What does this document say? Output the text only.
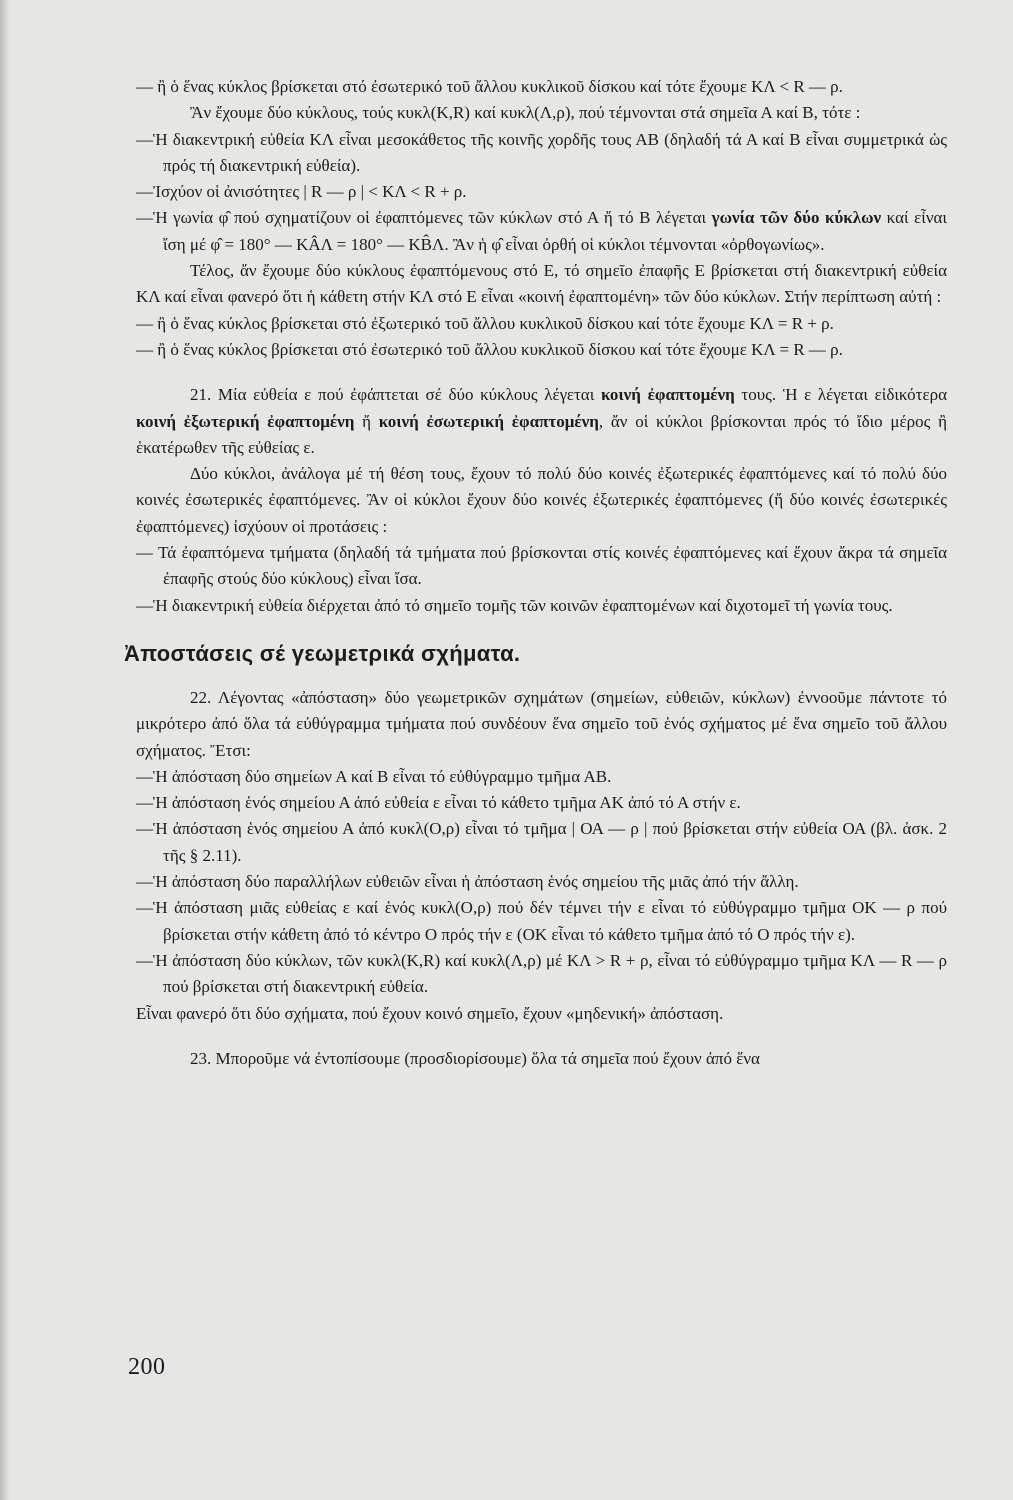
— ἢ ὁ ἕνας κύκλος βρίσκεται στό ἐσωτερικό τοῦ ἄλλου κυκλικοῦ δίσκου καί τότε ἔχουμε ΚΛ < R — ρ.

Ἂν ἔχουμε δύο κύκλους, τούς κυκλ(Κ,R) καί κυκλ(Λ,ρ), πού τέμνονται στά σημεῖα Α καί Β, τότε :

—Ἡ διακεντρική εὐθεία ΚΛ εἶναι μεσοκάθετος τῆς κοινῆς χορδῆς τους ΑΒ (δηλαδή τά Α καί Β εἶναι συμμετρικά ὡς πρός τή διακεντρική εὐθεία).

—Ἰσχύον οἱ ἀνισότητες | R — ρ | < ΚΛ < R + ρ.

—Ἡ γωνία φ̂ πού σχηματίζουν οἱ ἐφαπτόμενες τῶν κύκλων στό Α ἤ τό Β λέγεται γωνία τῶν δύο κύκλων καί εἶναι ἴση μέ φ̂ = 180° — ΚÂΛ = 180° — ΚB̂Λ. Ἂν ἡ φ̂ εἶναι ὀρθή οἱ κύκλοι τέμνονται «ὀρθογωνίως».

Τέλος, ἄν ἔχουμε δύο κύκλους ἐφαπτόμενους στό Ε, τό σημεῖο ἐπαφῆς Ε βρίσκεται στή διακεντρική εὐθεία ΚΛ καί εἶναι φανερό ὅτι ἡ κάθετη στήν ΚΛ στό Ε εἶναι «κοινή ἐφαπτομένη» τῶν δύο κύκλων. Στήν περίπτωση αὐτή :

— ἢ ὁ ἕνας κύκλος βρίσκεται στό ἐξωτερικό τοῦ ἄλλου κυκλικοῦ δίσκου καί τότε ἔχουμε ΚΛ = R + ρ.

— ἢ ὁ ἕνας κύκλος βρίσκεται στό ἐσωτερικό τοῦ ἄλλου κυκλικοῦ δίσκου καί τότε ἔχουμε ΚΛ = R — ρ.

21. Μία εὐθεία ε πού ἐφάπτεται σέ δύο κύκλους λέγεται κοινή ἐφαπτομένη τους. Ἡ ε λέγεται εἰδικότερα κοινή ἐξωτερική ἐφαπτομένη ἤ κοινή ἐσωτερική ἐφαπτομένη, ἄν οἱ κύκλοι βρίσκονται πρός τό ἴδιο μέρος ἢ ἑκατέρωθεν τῆς εὐθείας ε.

Δύο κύκλοι, ἀνάλογα μέ τή θέση τους, ἔχουν τό πολύ δύο κοινές ἐξωτερικές ἐφαπτόμενες καί τό πολύ δύο κοινές ἐσωτερικές ἐφαπτόμενες. Ἂν οἱ κύκλοι ἔχουν δύο κοινές ἐξωτερικές ἐφαπτόμενες (ἤ δύο κοινές ἐσωτερικές ἐφαπτόμενες) ἰσχύουν οἱ προτάσεις :

— Τά ἐφαπτόμενα τμήματα (δηλαδή τά τμήματα πού βρίσκονται στίς κοινές ἐφαπτόμενες καί ἔχουν ἄκρα τά σημεῖα ἐπαφῆς στούς δύο κύκλους) εἶναι ἴσα.

—Ἡ διακεντρική εὐθεία διέρχεται ἀπό τό σημεῖο τομῆς τῶν κοινῶν ἐφαπτομένων καί διχοτομεῖ τή γωνία τους.

Ἀποστάσεις σέ γεωμετρικά σχήματα.

22. Λέγοντας «ἀπόσταση» δύο γεωμετρικῶν σχημάτων (σημείων, εὐθειῶν, κύκλων) ἐννοοῦμε πάντοτε τό μικρότερο ἀπό ὅλα τά εὐθύγραμμα τμήματα πού συνδέουν ἕνα σημεῖο τοῦ ἑνός σχήματος μέ ἕνα σημεῖο τοῦ ἄλλου σχήματος. Ἔτσι:

—Ἡ ἀπόσταση δύο σημείων Α καί Β εἶναι τό εὐθύγραμμο τμῆμα ΑΒ.

—Ἡ ἀπόσταση ἑνός σημείου Α ἀπό εὐθεία ε εἶναι τό κάθετο τμῆμα ΑΚ ἀπό τό Α στήν ε.

—Ἡ ἀπόσταση ἑνός σημείου Α ἀπό κυκλ(Ο,ρ) εἶναι τό τμῆμα | ΟΑ — ρ | πού βρίσκεται στήν εὐθεία ΟΑ (βλ. ἀσκ. 2 τῆς § 2.11).

—Ἡ ἀπόσταση δύο παραλλήλων εὐθειῶν εἶναι ἡ ἀπόσταση ἑνός σημείου τῆς μιᾶς ἀπό τήν ἄλλη.

—Ἡ ἀπόσταση μιᾶς εὐθείας ε καί ἑνός κυκλ(Ο,ρ) πού δέν τέμνει τήν ε εἶναι τό εὐθύγραμμο τμῆμα ΟΚ — ρ πού βρίσκεται στήν κάθετη ἀπό τό κέντρο Ο πρός τήν ε (ΟΚ εἶναι τό κάθετο τμῆμα ἀπό τό Ο πρός τήν ε).

—Ἡ ἀπόσταση δύο κύκλων, τῶν κυκλ(Κ,R) καί κυκλ(Λ,ρ) μέ ΚΛ > R + ρ, εἶναι τό εὐθύγραμμο τμῆμα ΚΛ — R — ρ πού βρίσκεται στή διακεντρική εὐθεία.

Εἶναι φανερό ὅτι δύο σχήματα, πού ἔχουν κοινό σημεῖο, ἔχουν «μηδενική» ἀπόσταση.

23. Μποροῦμε νά ἐντοπίσουμε (προσδιορίσουμε) ὅλα τά σημεῖα πού ἔχουν ἀπό ἕνα

200
